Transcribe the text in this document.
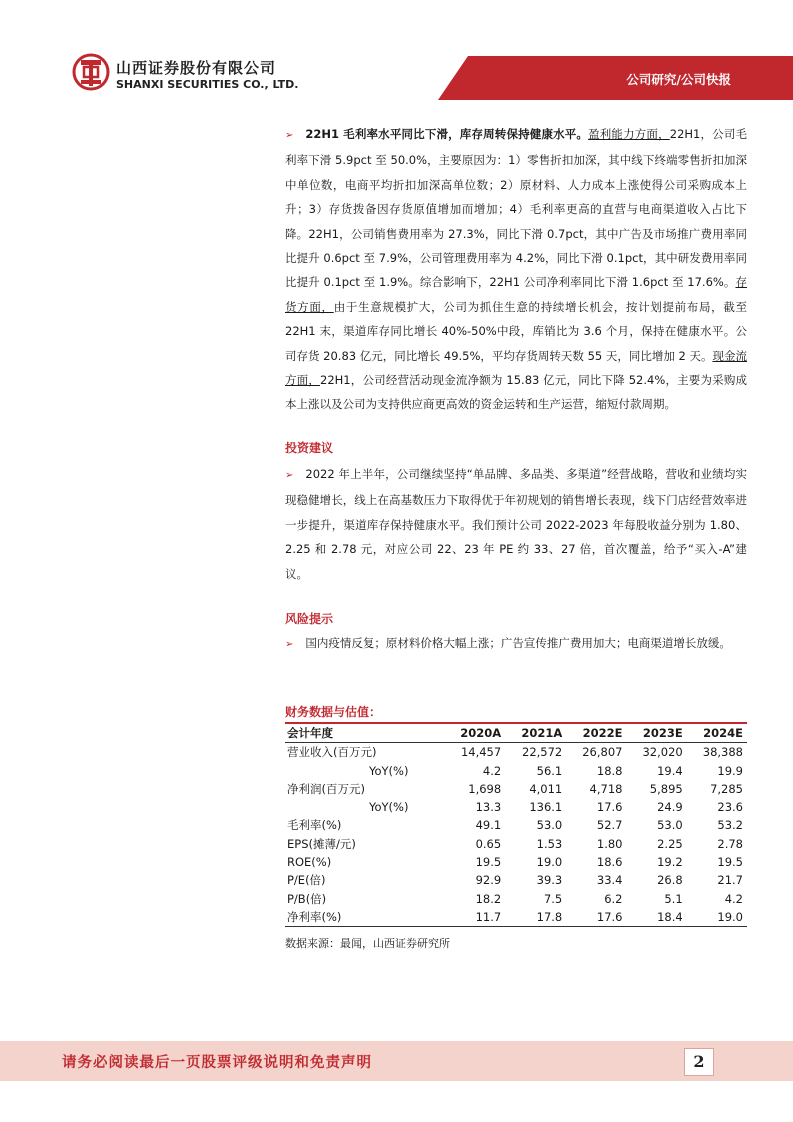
山西证券股份有限公司
SHANXI SECURITIES CO., LTD.	公司研究/公司快报

➢ 22H1 毛利率水平同比下滑，库存周转保持健康水平。盈利能力方面，22H1，公司毛利率下滑 5.9pct 至 50.0%，主要原因为：1）零售折扣加深，其中线下终端零售折扣加深中单位数，电商平均折扣加深高单位数；2）原材料、人力成本上涨使得公司采购成本上升；3）存货拨备因存货原值增加而增加；4）毛利率更高的直营与电商渠道收入占比下降。22H1，公司销售费用率为 27.3%，同比下滑 0.7pct，其中广告及市场推广费用率同比提升 0.6pct 至 7.9%，公司管理费用率为 4.2%，同比下滑 0.1pct，其中研发费用率同比提升 0.1pct 至 1.9%。综合影响下，22H1 公司净利率同比下滑 1.6pct 至 17.6%。存货方面，由于生意规模扩大，公司为抓住生意的持续增长机会，按计划提前布局，截至 22H1 末，渠道库存同比增长 40%-50%中段，库销比为 3.6 个月，保持在健康水平。公司存货 20.83 亿元，同比增长 49.5%，平均存货周转天数 55 天，同比增加 2 天。现金流方面，22H1，公司经营活动现金流净额为 15.83 亿元，同比下降 52.4%，主要为采购成本上涨以及公司为支持供应商更高效的资金运转和生产运营，缩短付款周期。

投资建议

➢ 2022 年上半年，公司继续坚持“单品牌、多品类、多渠道”经营战略，营收和业绩均实现稳健增长，线上在高基数压力下取得优于年初规划的销售增长表现，线下门店经营效率进一步提升，渠道库存保持健康水平。我们预计公司 2022-2023 年每股收益分别为 1.80、2.25 和 2.78 元，对应公司 22、23 年 PE 约 33、27 倍，首次覆盖，给予“买入-A”建议。

风险提示

➢ 国内疫情反复；原材料价格大幅上涨；广告宣传推广费用加大；电商渠道增长放缓。

财务数据与估值：
会计年度	2020A	2021A	2022E	2023E	2024E
营业收入(百万元)	14,457	22,572	26,807	32,020	38,388
YoY(%)	4.2	56.1	18.8	19.4	19.9
净利润(百万元)	1,698	4,011	4,718	5,895	7,285
YoY(%)	13.3	136.1	17.6	24.9	23.6
毛利率(%)	49.1	53.0	52.7	53.0	53.2
EPS(摊薄/元)	0.65	1.53	1.80	2.25	2.78
ROE(%)	19.5	19.0	18.6	19.2	19.5
P/E(倍)	92.9	39.3	33.4	26.8	21.7
P/B(倍)	18.2	7.5	6.2	5.1	4.2
净利率(%)	11.7	17.8	17.6	18.4	19.0
数据来源：最闻，山西证券研究所
请务必阅读最后一页股票评级说明和免责声明	2
